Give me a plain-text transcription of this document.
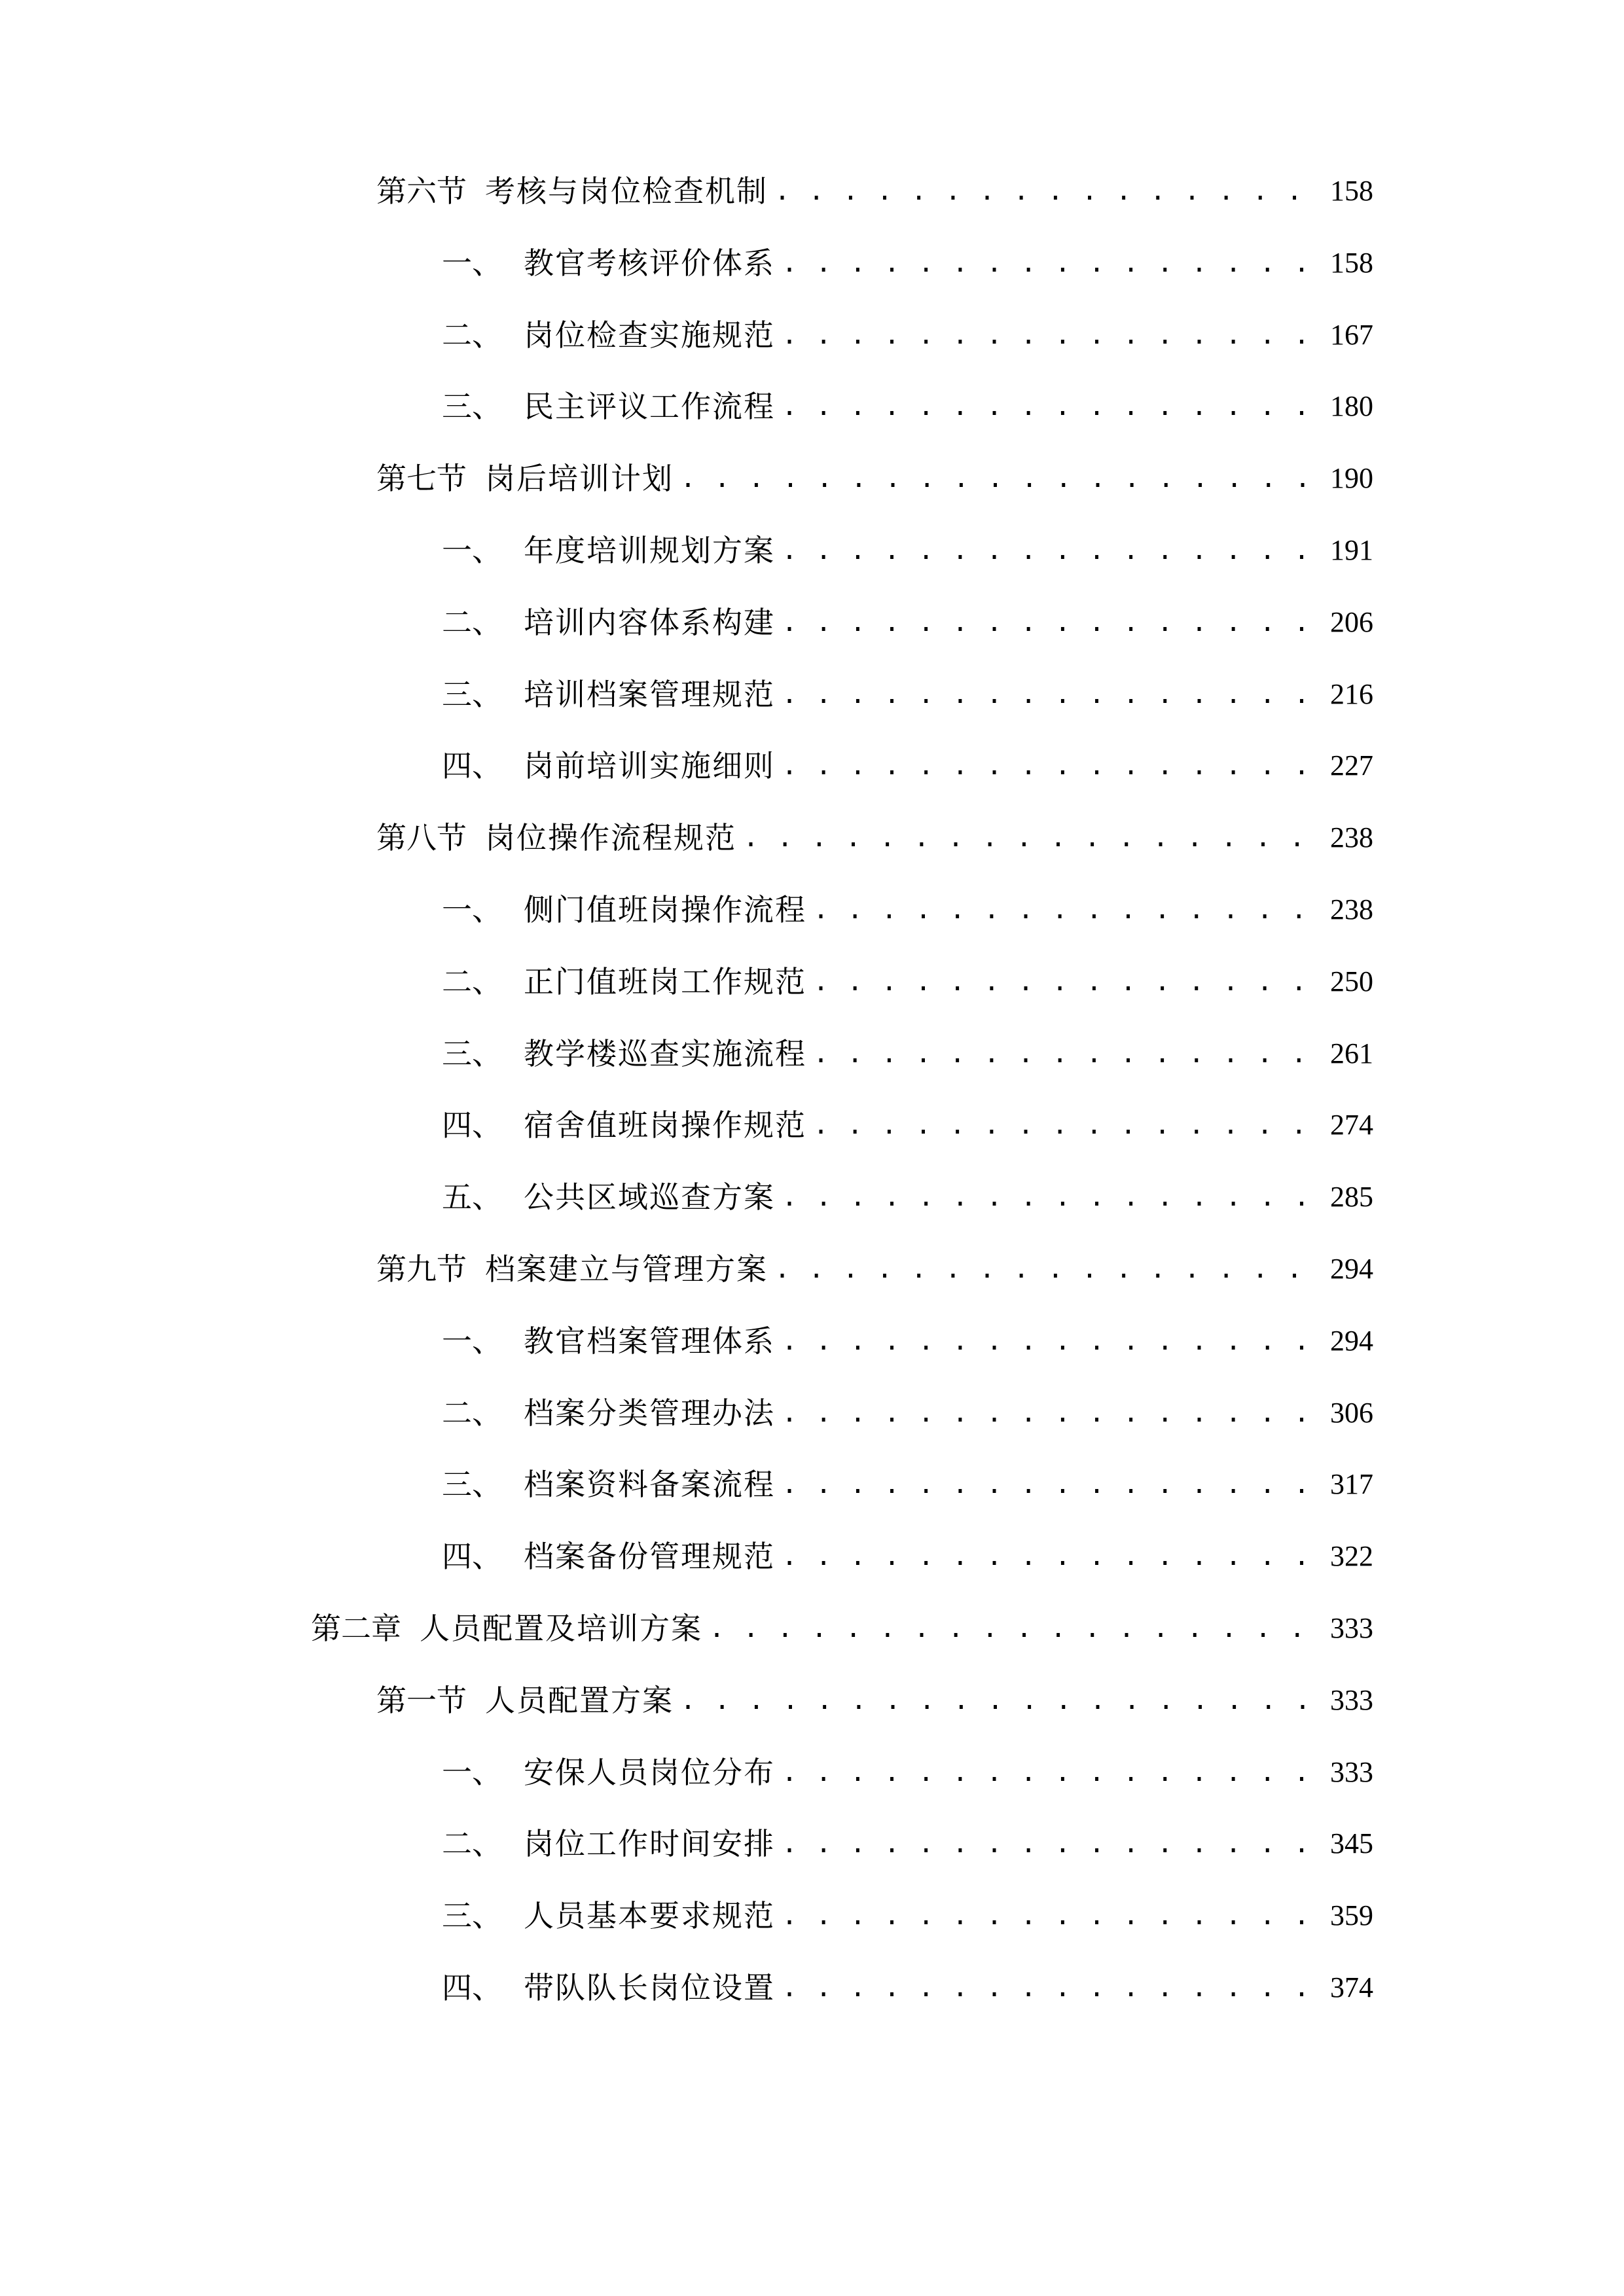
第六节 考核与岗位检查机制 . . .	158
一、 教官考核评价体系 . . .	158
二、 岗位检查实施规范 . . .	167
三、 民主评议工作流程 . . .	180
第七节 岗后培训计划 . . .	190
一、 年度培训规划方案 . . .	191
二、 培训内容体系构建 . . .	206
三、 培训档案管理规范 . . .	216
四、 岗前培训实施细则 . . .	227
第八节 岗位操作流程规范 . . .	238
一、 侧门值班岗操作流程 . . .	238
二、 正门值班岗工作规范 . . .	250
三、 教学楼巡查实施流程 . . .	261
四、 宿舍值班岗操作规范 . . .	274
五、 公共区域巡查方案 . . .	285
第九节 档案建立与管理方案 . . .	294
一、 教官档案管理体系 . . .	294
二、 档案分类管理办法 . . .	306
三、 档案资料备案流程 . . .	317
四、 档案备份管理规范 . . .	322
第二章 人员配置及培训方案 . . .	333
第一节 人员配置方案 . . .	333
一、 安保人员岗位分布 . . .	333
二、 岗位工作时间安排 . . .	345
三、 人员基本要求规范 . . .	359
四、 带队队长岗位设置 . . .	374
